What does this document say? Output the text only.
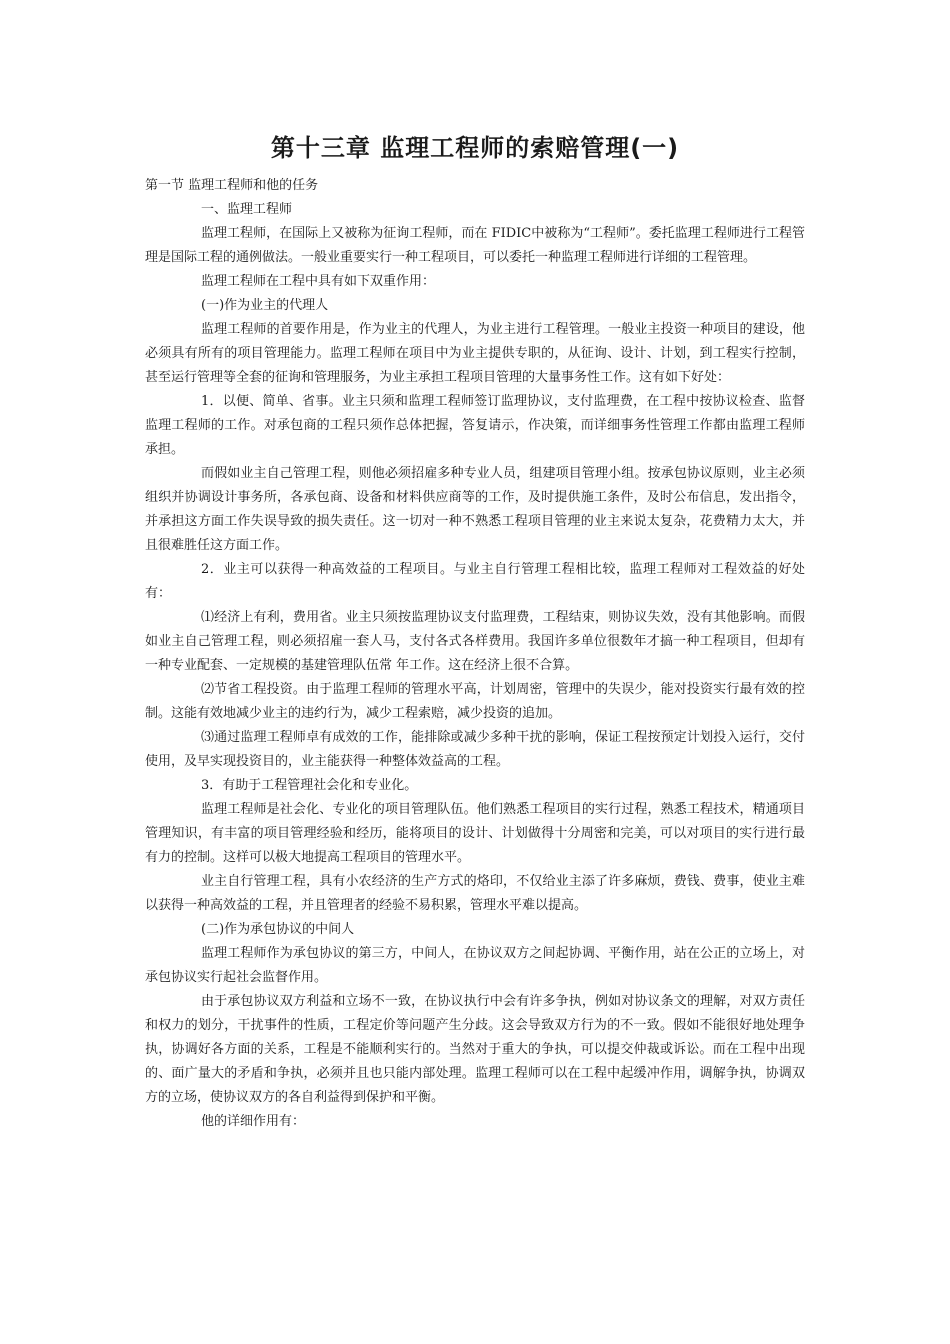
第十三章 监理工程师的索赔管理(一)

第一节 监理工程师和他的任务

一、监理工程师

监理工程师，在国际上又被称为征询工程师，而在 FIDIC中被称为“工程师”。委托监理工程师进行工程管理是国际工程的通例做法。一般业重要实行一种工程项目，可以委托一种监理工程师进行详细的工程管理。

监理工程师在工程中具有如下双重作用：

(一)作为业主的代理人

监理工程师的首要作用是，作为业主的代理人，为业主进行工程管理。一般业主投资一种项目的建设，他必须具有所有的项目管理能力。监理工程师在项目中为业主提供专职的，从征询、设计、计划，到工程实行控制，甚至运行管理等全套的征询和管理服务，为业主承担工程项目管理的大量事务性工作。这有如下好处：

1．以便、简单、省事。业主只须和监理工程师签订监理协议，支付监理费，在工程中按协议检查、监督监理工程师的工作。对承包商的工程只须作总体把握，答复请示，作决策，而详细事务性管理工作都由监理工程师承担。

而假如业主自己管理工程，则他必须招雇多种专业人员，组建项目管理小组。按承包协议原则，业主必须组织并协调设计事务所，各承包商、设备和材料供应商等的工作，及时提供施工条件，及时公布信息，发出指令，并承担这方面工作失误导致的损失责任。这一切对一种不熟悉工程项目管理的业主来说太复杂，花费精力太大，并且很难胜任这方面工作。

2．业主可以获得一种高效益的工程项目。与业主自行管理工程相比较，监理工程师对工程效益的好处有：

⑴经济上有利，费用省。业主只须按监理协议支付监理费，工程结束，则协议失效，没有其他影响。而假如业主自己管理工程，则必须招雇一套人马，支付各式各样费用。我国许多单位很数年才搞一种工程项目，但却有一种专业配套、一定规模的基建管理队伍常 年工作。这在经济上很不合算。

⑵节省工程投资。由于监理工程师的管理水平高，计划周密，管理中的失误少，能对投资实行最有效的控制。这能有效地减少业主的违约行为，减少工程索赔，减少投资的追加。

⑶通过监理工程师卓有成效的工作，能排除或减少多种干扰的影响，保证工程按预定计划投入运行，交付使用，及早实现投资目的，业主能获得一种整体效益高的工程。

3．有助于工程管理社会化和专业化。

监理工程师是社会化、专业化的项目管理队伍。他们熟悉工程项目的实行过程，熟悉工程技术，精通项目管理知识，有丰富的项目管理经验和经历，能将项目的设计、计划做得十分周密和完美，可以对项目的实行进行最有力的控制。这样可以极大地提高工程项目的管理水平。

业主自行管理工程，具有小农经济的生产方式的烙印，不仅给业主添了许多麻烦，费钱、费事，使业主难以获得一种高效益的工程，并且管理者的经验不易积累，管理水平难以提高。

(二)作为承包协议的中间人

监理工程师作为承包协议的第三方，中间人，在协议双方之间起协调、平衡作用，站在公正的立场上，对承包协议实行起社会监督作用。

由于承包协议双方利益和立场不一致，在协议执行中会有许多争执，例如对协议条文的理解，对双方责任和权力的划分，干扰事件的性质，工程定价等问题产生分歧。这会导致双方行为的不一致。假如不能很好地处理争执，协调好各方面的关系，工程是不能顺利实行的。当然对于重大的争执，可以提交仲裁或诉讼。而在工程中出现的、面广量大的矛盾和争执，必须并且也只能内部处理。监理工程师可以在工程中起缓冲作用，调解争执，协调双方的立场，使协议双方的各自利益得到保护和平衡。

他的详细作用有：
